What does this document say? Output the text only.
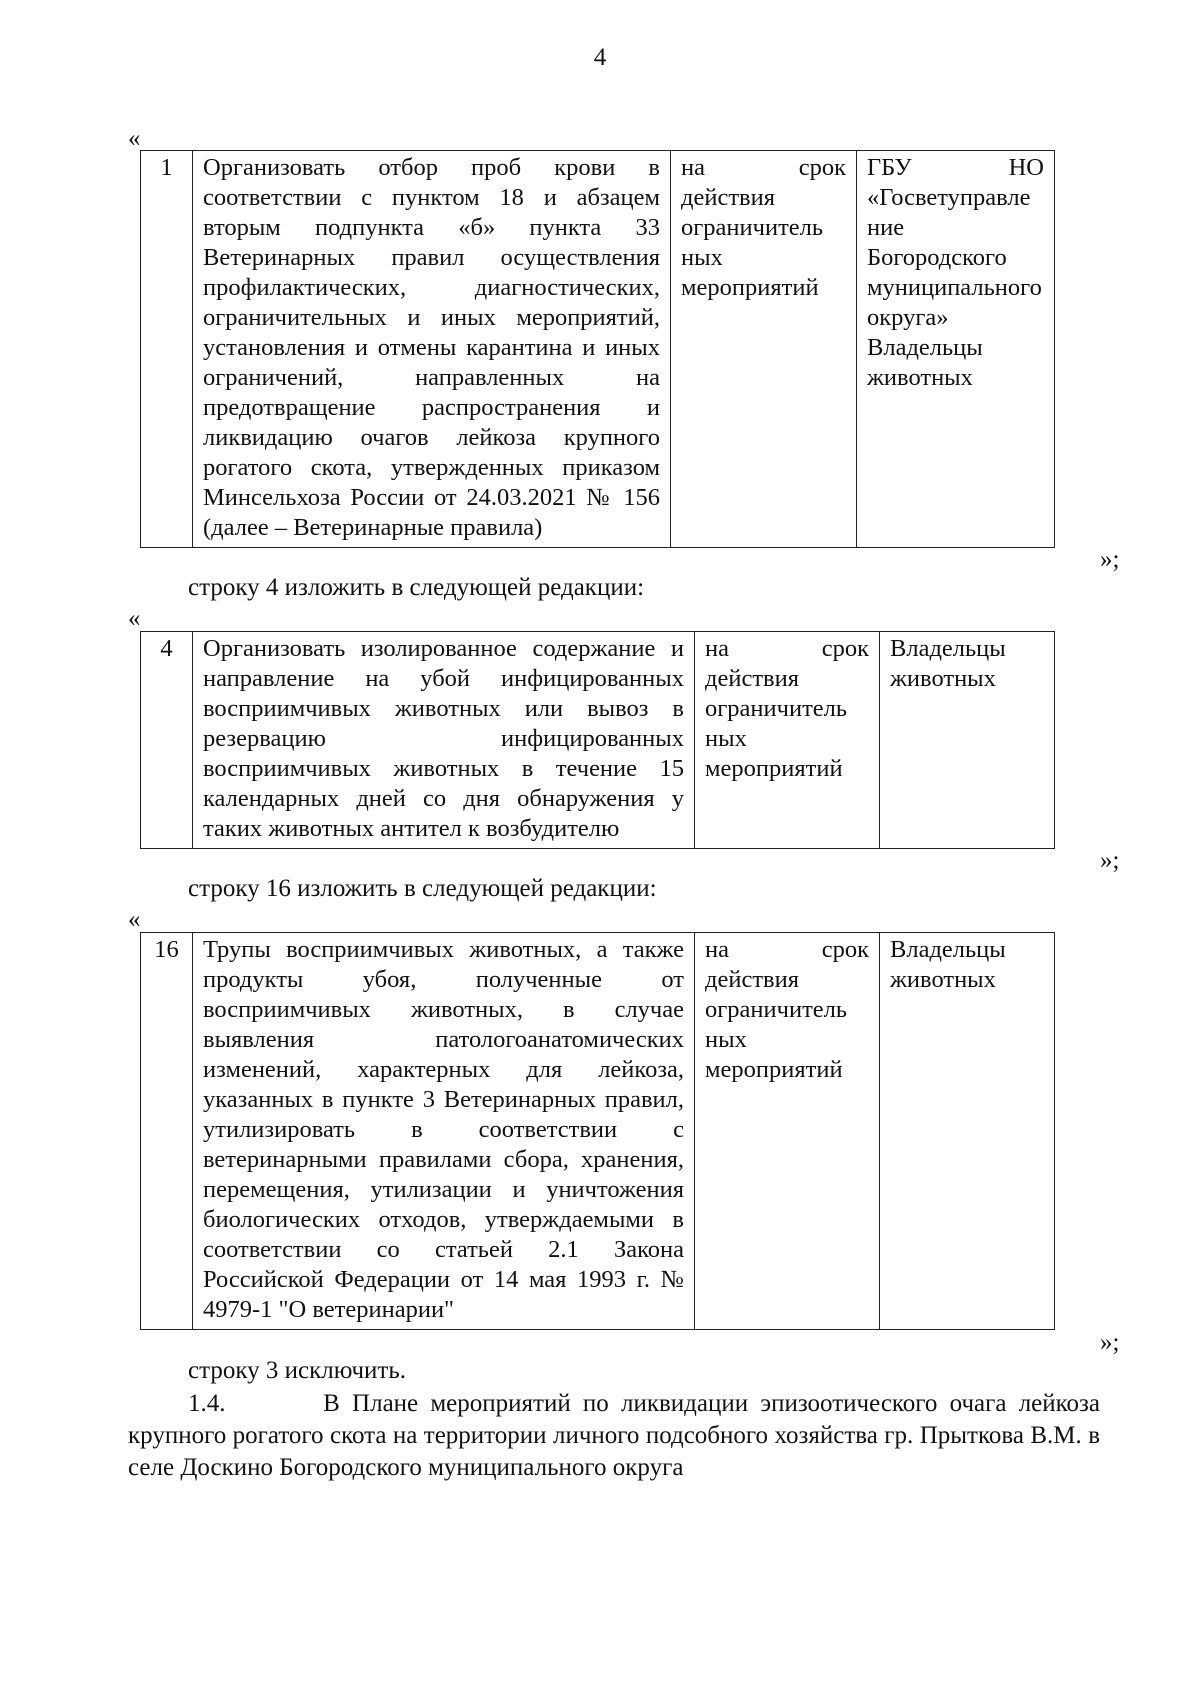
4
«
1	Организовать отбор проб крови в соответствии с пунктом 18 и абзацем вторым подпункта «б» пункта 33 Ветеринарных правил осуществления профилактических, диагностических, ограничительных и иных мероприятий, установления и отмены карантина и иных ограничений, направленных на предотвращение распространения и ликвидацию очагов лейкоза крупного рогатого скота, утвержденных приказом Минсельхоза России от 24.03.2021 № 156 (далее – Ветеринарные правила)	на срок действия ограничитель ных мероприятий	ГБУ НО «Госветуправле ние Богородского муниципального округа» Владельцы животных
»;
строку 4 изложить в следующей редакции:
«
4	Организовать изолированное содержание и направление на убой инфицированных восприимчивых животных или вывоз в резервацию инфицированных восприимчивых животных в течение 15 календарных дней со дня обнаружения у таких животных антител к возбудителю	на срок действия ограничитель ных мероприятий	Владельцы животных
»;
строку 16 изложить в следующей редакции:
«
16	Трупы восприимчивых животных, а также продукты убоя, полученные от восприимчивых животных, в случае выявления патологоанатомических изменений, характерных для лейкоза, указанных в пункте 3 Ветеринарных правил, утилизировать в соответствии с ветеринарными правилами сбора, хранения, перемещения, утилизации и уничтожения биологических отходов, утверждаемыми в соответствии со статьей 2.1 Закона Российской Федерации от 14 мая 1993 г. № 4979-1 "О ветеринарии"	на срок действия ограничитель ных мероприятий	Владельцы животных
»;
строку 3 исключить.
1.4.	В Плане мероприятий по ликвидации эпизоотического очага лейкоза крупного рогатого скота на территории личного подсобного хозяйства гр. Прыткова В.М. в селе Доскино Богородского муниципального округа
